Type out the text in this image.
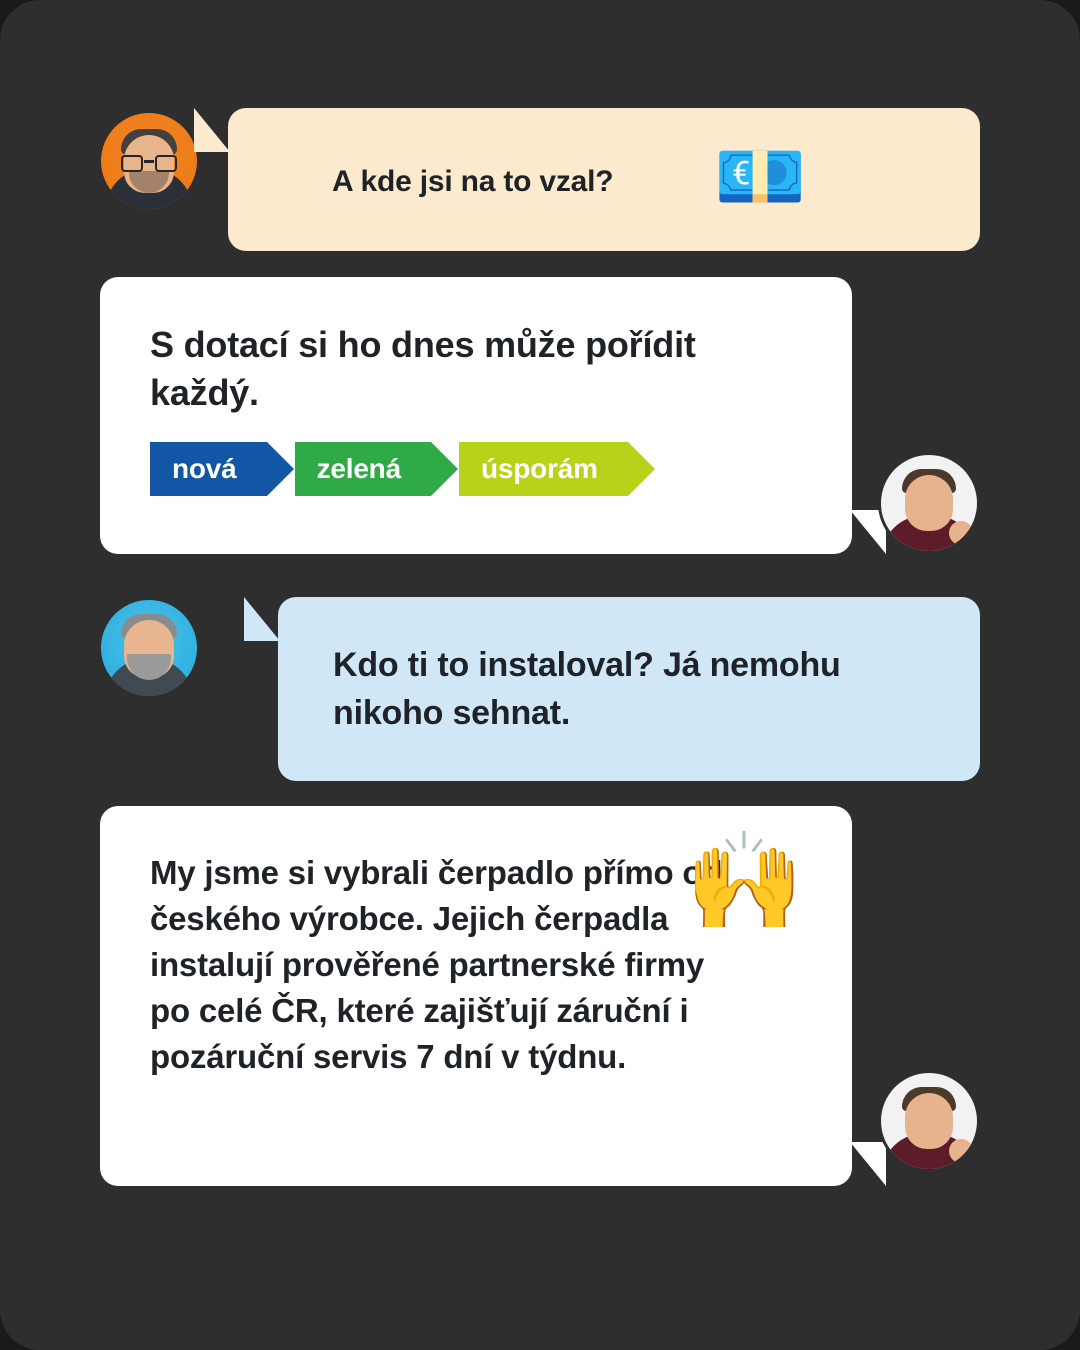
A kde jsi na to vzal? 💶
S dotací si ho dnes může pořídit každý.
nová	zelená	úsporám
Kdo ti to instaloval? Já nemohu nikoho sehnat.
My jsme si vybrali čerpadlo přímo od českého výrobce. Jejich čerpadla instalují prověřené partnerské firmy po celé ČR, které zajišťují záruční i pozáruční servis 7 dní v týdnu.
🙌
